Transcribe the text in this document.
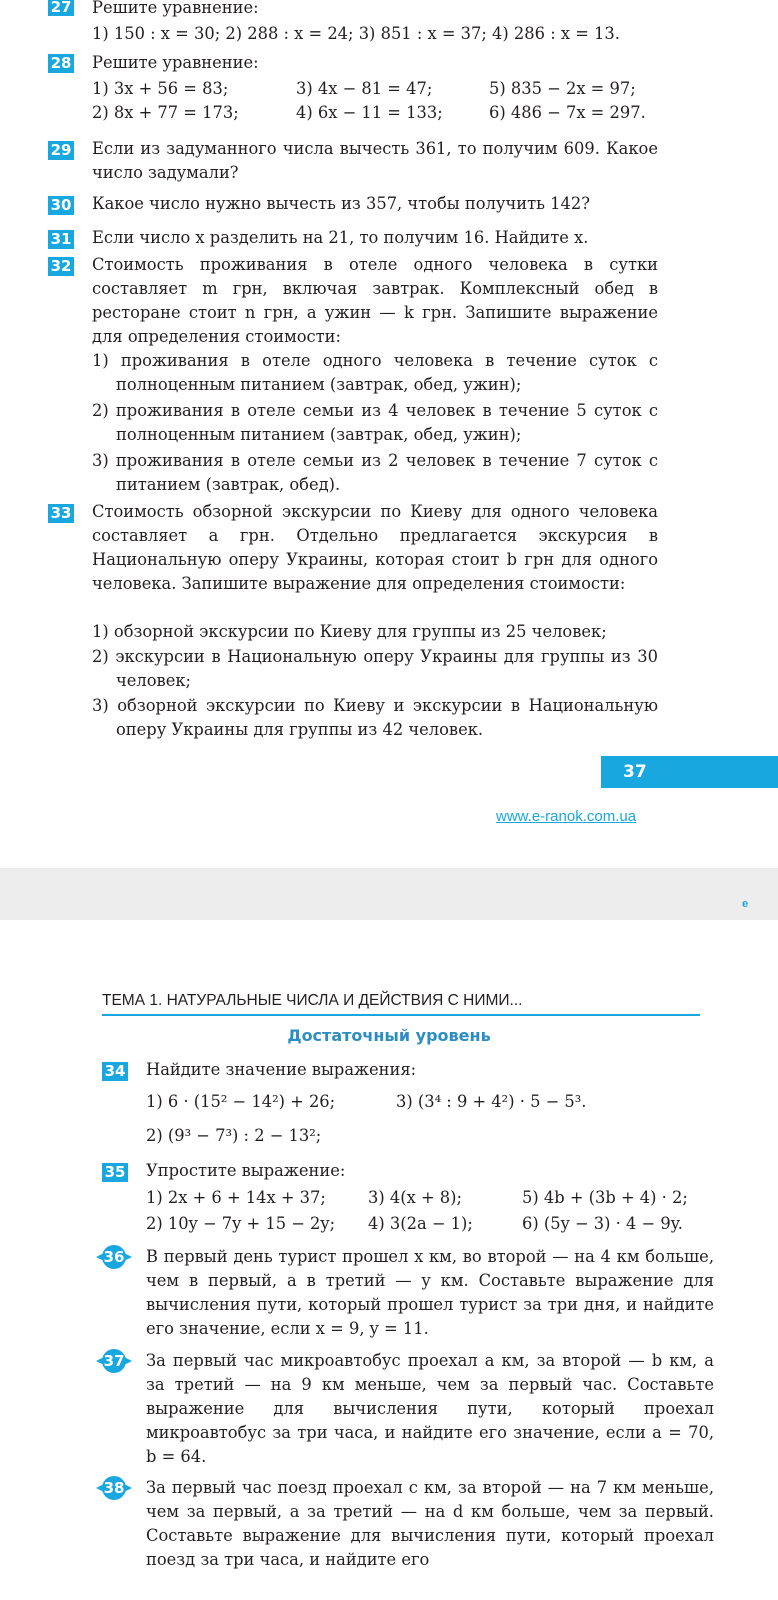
27 Решите уравнение:

1) 150 : x = 30; 2) 288 : x = 24; 3) 851 : x = 37; 4) 286 : x = 13.

28 Решите уравнение:

1) 3x + 56 = 83;	3) 4x − 81 = 47;	5) 835 − 2x = 97;

2) 8x + 77 = 173;	4) 6x − 11 = 133;	6) 486 − 7x = 297.

29 Если из задуманного числа вычесть 361, то получим 609. Какое число задумали?

30 Какое число нужно вычесть из 357, чтобы получить 142?

31 Если число x разделить на 21, то получим 16. Найдите x.

32 Стоимость проживания в отеле одного человека в сутки составляет m грн, включая завтрак. Комплексный обед в ресторане стоит n грн, а ужин — k грн. Запишите выражение для определения стоимости:

1) проживания в отеле одного человека в течение суток с полноценным питанием (завтрак, обед, ужин);

2) проживания в отеле семьи из 4 человек в течение 5 суток с полноценным питанием (завтрак, обед, ужин);

3) проживания в отеле семьи из 2 человек в течение 7 суток с питанием (завтрак, обед).

33 Стоимость обзорной экскурсии по Киеву для одного человека составляет a грн. Отдельно предлагается экскурсия в Национальную оперу Украины, которая стоит b грн для одного человека. Запишите выражение для определения стоимости:

1) обзорной экскурсии по Киеву для группы из 25 человек;

2) экскурсии в Национальную оперу Украины для группы из 30 человек;

3) обзорной экскурсии по Киеву и экскурсии в Национальную оперу Украины для группы из 42 человек.

37
www.e-ranok.com.ua
e
ТЕМА 1. НАТУРАЛЬНЫЕ ЧИСЛА И ДЕЙСТВИЯ С НИМИ...
Достаточный уровень
34 Найдите значение выражения:

1) 6 · (15² − 14²) + 26;	3) (3⁴ : 9 + 4²) · 5 − 5³.

2) (9³ − 7³) : 2 − 13²;

35 Упростите выражение:

1) 2x + 6 + 14x + 37;	3) 4(x + 8);	5) 4b + (3b + 4) · 2;

2) 10y − 7y + 15 − 2y; 4) 3(2a − 1);	6) (5y − 3) · 4 − 9y.

36 В первый день турист прошел x км, во второй — на 4 км больше, чем в первый, а в третий — y км. Составьте выражение для вычисления пути, который прошел турист за три дня, и найдите его значение, если x = 9, y = 11.

37 За первый час микроавтобус проехал a км, за второй — b км, а за третий — на 9 км меньше, чем за первый час. Составьте выражение для вычисления пути, который проехал микроавтобус за три часа, и найдите его значение, если a = 70, b = 64.

38 За первый час поезд проехал c км, за второй — на 7 км меньше, чем за первый, а за третий — на d км больше, чем за первый. Составьте выражение для вычисления пути, который проехал поезд за три часа, и найдите его
